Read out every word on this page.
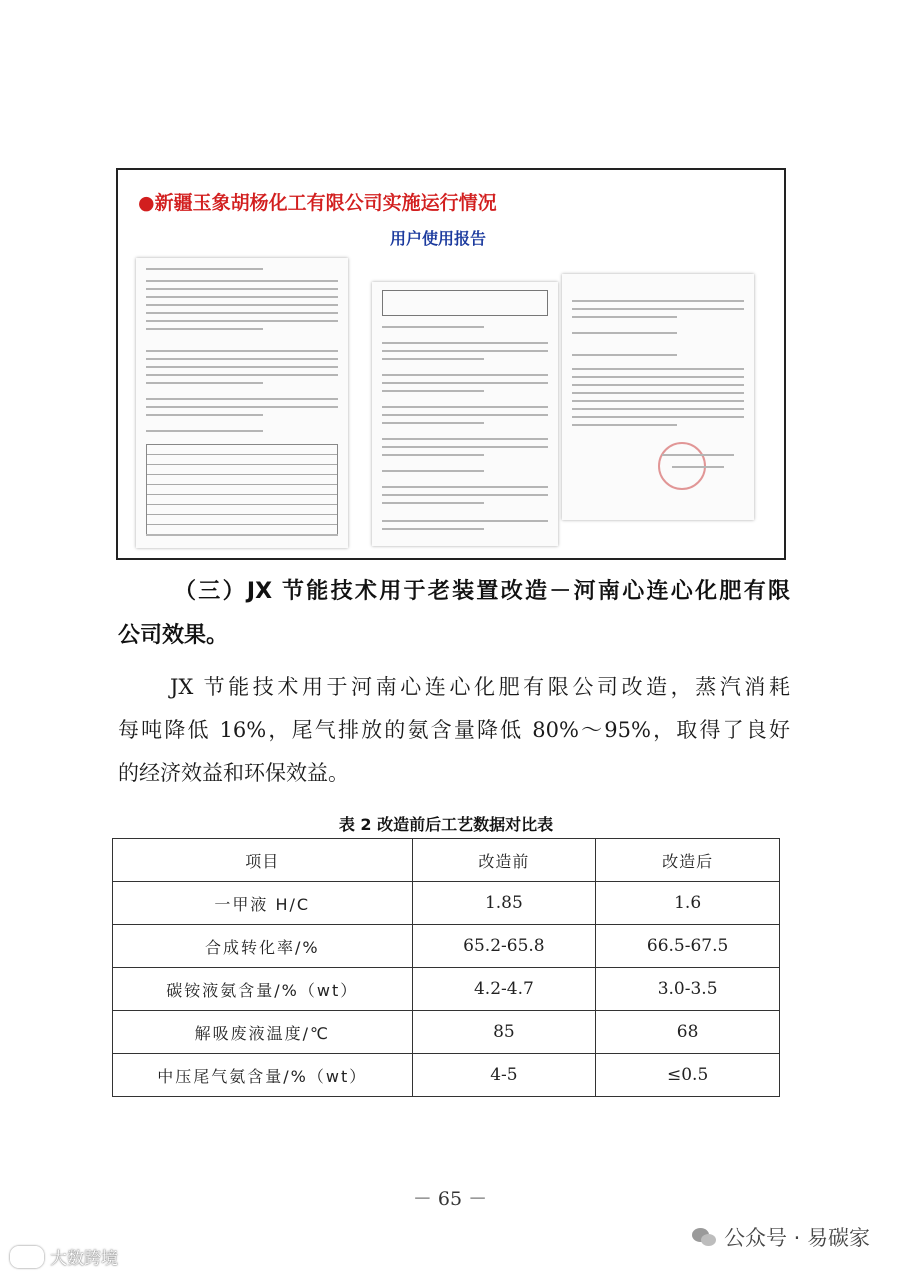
●新疆玉象胡杨化工有限公司实施运行情况
用户使用报告

（三）JX 节能技术用于老装置改造－河南心连心化肥有限
公司效果。

JX 节能技术用于河南心连心化肥有限公司改造，蒸汽消耗
每吨降低 16%，尾气排放的氨含量降低 80%～95%，取得了良好
的经济效益和环保效益。

表 2 改造前后工艺数据对比表
项目	改造前	改造后
一甲液 H/C	1.85	1.6
合成转化率/%	65.2-65.8	66.5-67.5
碳铵液氨含量/%（wt）	4.2-4.7	3.0-3.5
解吸废液温度/℃	85	68
中压尾气氨含量/%（wt）	4-5	≤0.5
－ 65 －
公众号 · 易碳家
大数跨境
